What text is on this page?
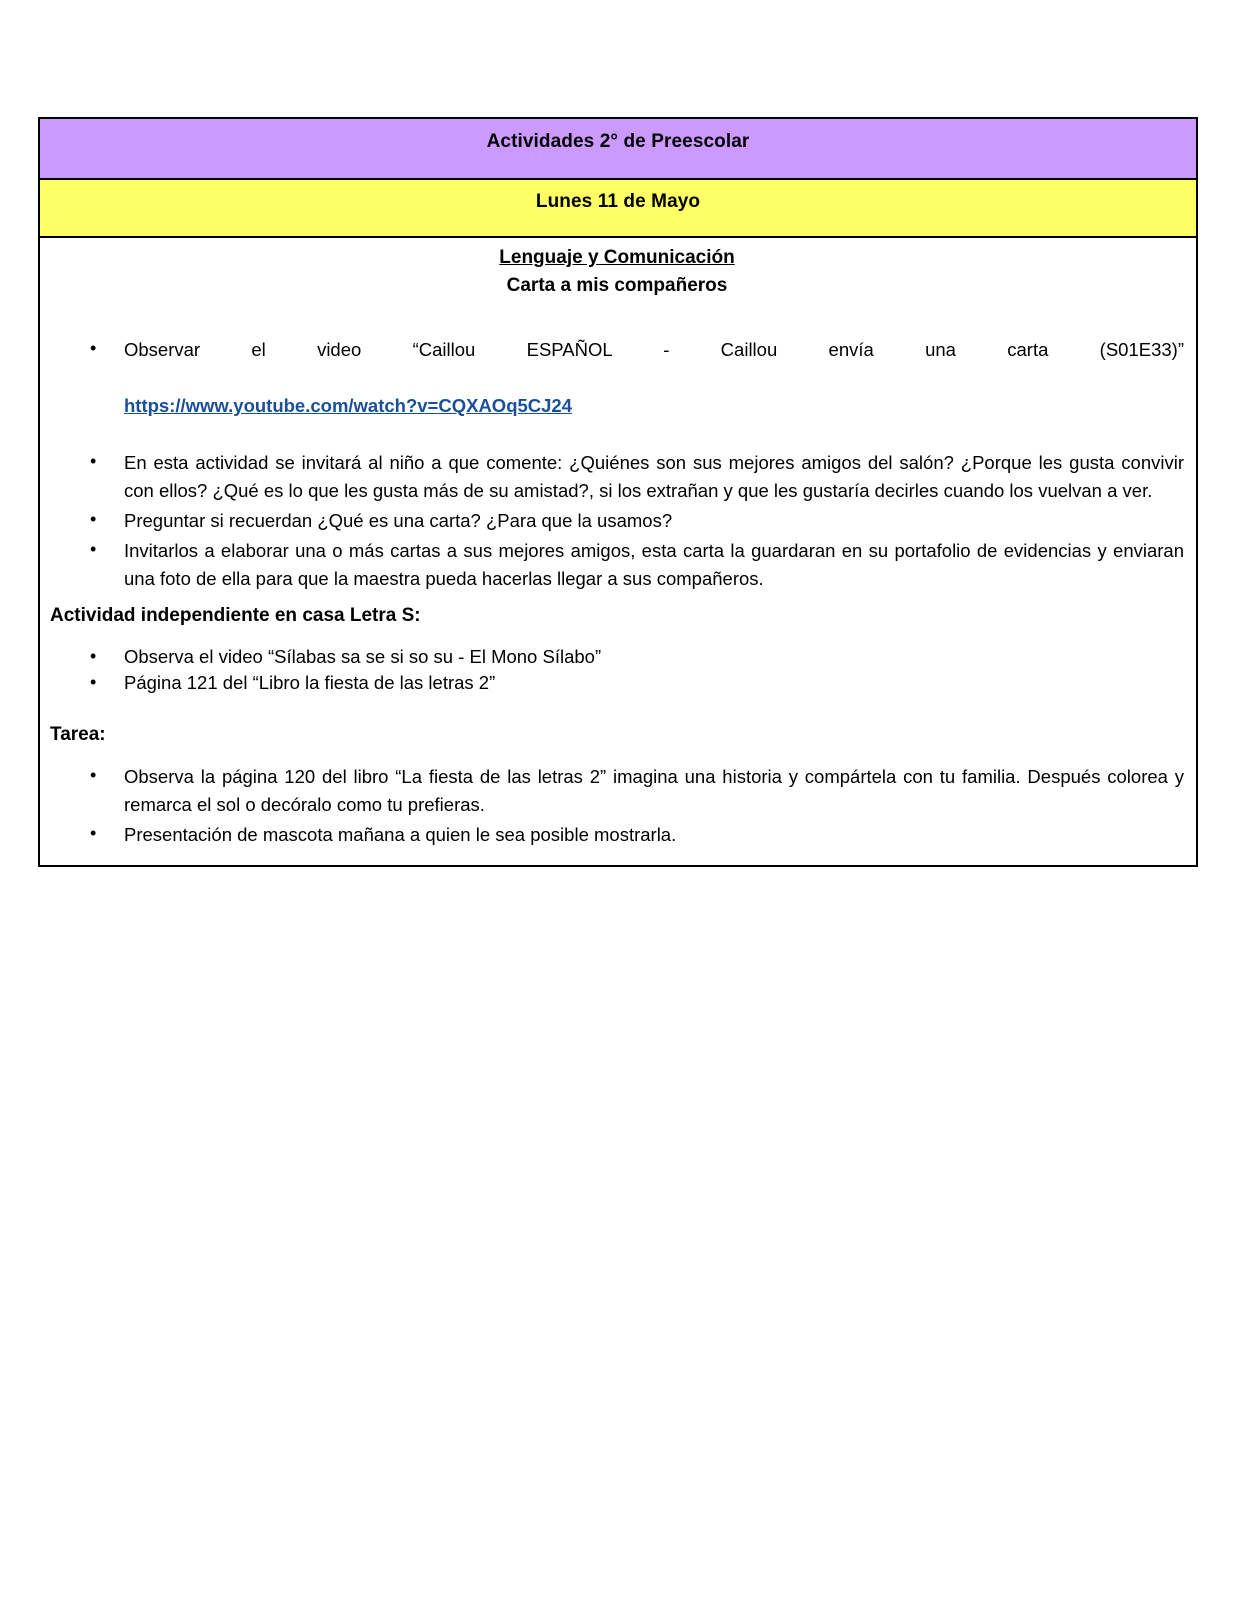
Actividades 2° de Preescolar
Lunes 11 de Mayo

Lenguaje y Comunicación
Carta a mis compañeros
• Observar el video “Caillou ESPAÑOL - Caillou envía una carta (S01E33)”
https://www.youtube.com/watch?v=CQXAOq5CJ24
• En esta actividad se invitará al niño a que comente: ¿Quiénes son sus mejores amigos del salón? ¿Porque les gusta convivir con ellos? ¿Qué es lo que les gusta más de su amistad?, si los extrañan y que les gustaría decirles cuando los vuelvan a ver.
• Preguntar si recuerdan ¿Qué es una carta? ¿Para que la usamos?
• Invitarlos a elaborar una o más cartas a sus mejores amigos, esta carta la guardaran en su portafolio de evidencias y enviaran una foto de ella para que la maestra pueda hacerlas llegar a sus compañeros.
Actividad independiente en casa Letra S:
• Observa el video “Sílabas sa se si so su - El Mono Sílabo”
• Página 121 del “Libro la fiesta de las letras 2”
Tarea:
• Observa la página 120 del libro “La fiesta de las letras 2” imagina una historia y compártela con tu familia. Después colorea y remarca el sol o decóralo como tu prefieras.
• Presentación de mascota mañana a quien le sea posible mostrarla.
